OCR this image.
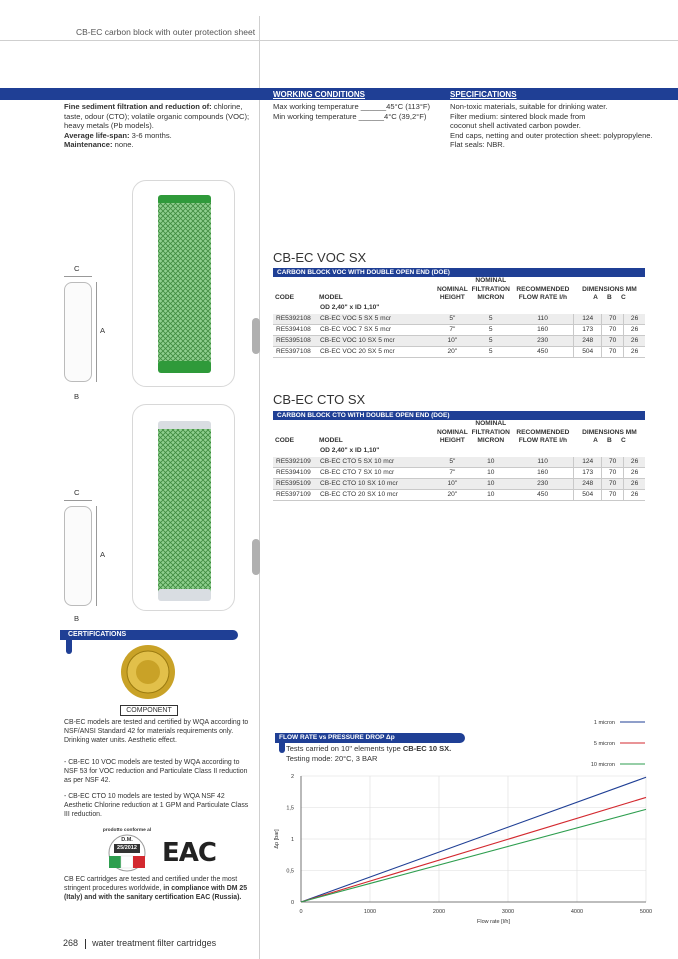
CB-EC carbon block with outer protection sheet
WORKING CONDITIONS	SPECIFICATIONS
Fine sediment filtration and reduction of: chlorine, taste, odour (CTO); volatile organic compounds (VOC); heavy metals (Pb models).
Average life-span: 3-6 months.
Maintenance: none.
Max working temperature ______45°C (113°F)
Min working temperature ______4°C (39,2°F)
Non-toxic materials, suitable for drinking water.
Filter medium: sintered block made from
coconut shell activated carbon powder.
End caps, netting and outer protection sheet: polypropylene.
Flat seals: NBR.
C
A
B
CB-EC VOC SX
CARBON BLOCK VOC WITH DOUBLE OPEN END (DOE)
CODE	MODEL	NOMINAL HEIGHT	NOMINAL FILTRATION MICRON	RECOMMENDED FLOW RATE l/h	DIMENSIONS MM
A B C		
	OD 2,40" x ID 1,10"						
RE5392108	CB-EC VOC 5 SX 5 mcr	5"	5	110	124	70	26
RE5394108	CB-EC VOC 7 SX 5 mcr	7"	5	160	173	70	26
RE5395108	CB-EC VOC 10 SX 5 mcr	10"	5	230	248	70	26
RE5397108	CB-EC VOC 20 SX 5 mcr	20"	5	450	504	70	26
C
A
B
CB-EC CTO SX
CARBON BLOCK CTO WITH DOUBLE OPEN END (DOE)
CODE	MODEL	NOMINAL HEIGHT	NOMINAL FILTRATION MICRON	RECOMMENDED FLOW RATE l/h	DIMENSIONS MM
A B C		
	OD 2,40" x ID 1,10"						
RE5392109	CB-EC CTO 5 SX 10 mcr	5"	10	110	124	70	26
RE5394109	CB-EC CTO 7 SX 10 mcr	7"	10	160	173	70	26
RE5395109	CB-EC CTO 10 SX 10 mcr	10"	10	230	248	70	26
RE5397109	CB-EC CTO 20 SX 10 mcr	20"	10	450	504	70	26
CERTIFICATIONS
COMPONENT
CB-EC models are tested and certified by WQA according to NSF/ANSI Standard 42 for materials requirements only. Drinking water units. Aesthetic effect.
- CB-EC 10 VOC models are tested by WQA according to NSF 53 for VOC reduction and Particulate Class II reduction as per NSF 42.
- CB-EC CTO 10 models are tested by WQA NSF 42 Aesthetic Chlorine reduction at 1 GPM and Particulate Class III reduction.
prodotto conforme al
D.M.
25/2012 EAC
CB EC cartridges are tested and certified under the most stringent procedures worldwide, in compliance with DM 25 (Italy) and with the sanitary certification EAC (Russia).
FLOW RATE vs PRESSURE DROP Δp
Tests carried on 10" elements type CB-EC 10 SX.
Testing mode: 20°C, 3 BAR
0	1000	2000	3000	4000	5000
0
0,5
1
1,5
2
Flow rate [l/h]
Δp [bar]
1 micron
5 micron
10 micron
268 water treatment filter cartridges
